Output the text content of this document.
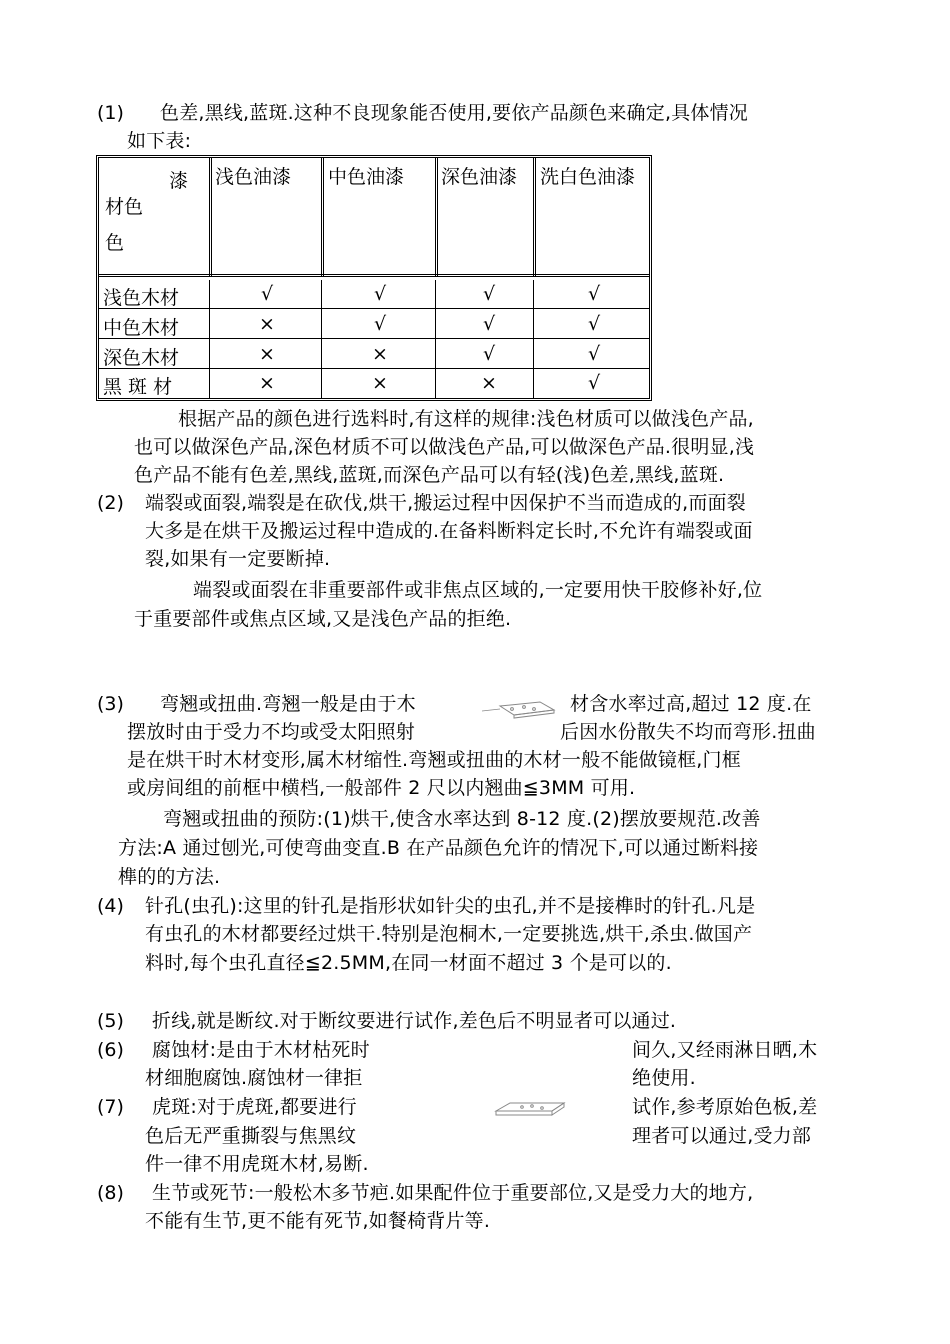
(1) 色差,黑线,蓝斑.这种不良现象能否使用,要依产品颜色来确定,具体情况
如下表:
漆
材色
色
浅色油漆 中色油漆 深色油漆 洗白色油漆
浅色木材	√	√	√	√
中色木材	×	√	√	√
深色木材	×	×	√	√
黑 斑 材	×	×	×	√
根据产品的颜色进行选料时,有这样的规律:浅色材质可以做浅色产品,
也可以做深色产品,深色材质不可以做浅色产品,可以做深色产品.很明显,浅
色产品不能有色差,黑线,蓝斑,而深色产品可以有轻(浅)色差,黑线,蓝斑.
(2) 端裂或面裂,端裂是在砍伐,烘干,搬运过程中因保护不当而造成的,而面裂
大多是在烘干及搬运过程中造成的.在备料断料定长时,不允许有端裂或面
裂,如果有一定要断掉.
端裂或面裂在非重要部件或非焦点区域的,一定要用快干胶修补好,位
于重要部件或焦点区域,又是浅色产品的拒绝.
(3) 弯翘或扭曲.弯翘一般是由于木	材含水率过高,超过 12 度.在
摆放时由于受力不均或受太阳照射	后因水份散失不均而弯形.扭曲
是在烘干时木材变形,属木材缩性.弯翘或扭曲的木材一般不能做镜框,门框
或房间组的前框中横档,一般部件 2 尺以内翘曲≦3MM 可用.
弯翘或扭曲的预防:(1)烘干,使含水率达到 8-12 度.(2)摆放要规范.改善
方法:A 通过刨光,可使弯曲变直.B 在产品颜色允许的情况下,可以通过断料接
榫的的方法.
(4) 针孔(虫孔):这里的针孔是指形状如针尖的虫孔,并不是接榫时的针孔.凡是
有虫孔的木材都要经过烘干.特别是泡桐木,一定要挑选,烘干,杀虫.做国产
料时,每个虫孔直径≦2.5MM,在同一材面不超过 3 个是可以的.
(5) 折线,就是断纹.对于断纹要进行试作,差色后不明显者可以通过.
(6) 腐蚀材:是由于木材枯死时	间久,又经雨淋日晒,木
材细胞腐蚀.腐蚀材一律拒	绝使用.
(7) 虎斑:对于虎斑,都要进行	试作,参考原始色板,差
色后无严重撕裂与焦黑纹	理者可以通过,受力部
件一律不用虎斑木材,易断.
(8) 生节或死节:一般松木多节疤.如果配件位于重要部位,又是受力大的地方,
不能有生节,更不能有死节,如餐椅背片等.
